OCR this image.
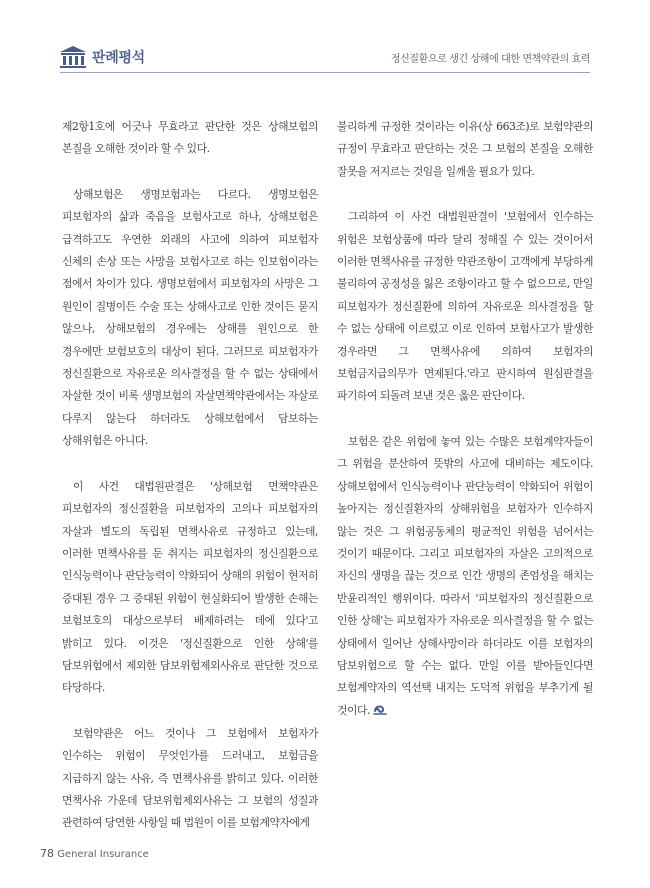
판례평석	정신질환으로 생긴 상해에 대한 면책약관의 효력

제2항1호에 어긋나 무효라고 판단한 것은 상해보험의 본질을 오해한 것이라 할 수 있다.

상해보험은 생명보험과는 다르다. 생명보험은 피보험자의 삶과 죽음을 보험사고로 하나, 상해보험은 급격하고도 우연한 외래의 사고에 의하여 피보험자 신체의 손상 또는 사망을 보험사고로 하는 인보험이라는 점에서 차이가 있다. 생명보험에서 피보험자의 사망은 그 원인이 질병이든 수술 또는 상해사고로 인한 것이든 묻지 않으나, 상해보험의 경우에는 상해를 원인으로 한 경우에만 보험보호의 대상이 된다. 그러므로 피보험자가 정신질환으로 자유로운 의사결정을 할 수 없는 상태에서 자살한 것이 비록 생명보험의 자살면책약관에서는 자살로 다루지 않는다 하더라도 상해보험에서 담보하는 상해위험은 아니다.

이 사건 대법원판결은 '상해보험 면책약관은 피보험자의 정신질환을 피보험자의 고의나 피보험자의 자살과 별도의 독립된 면책사유로 규정하고 있는데, 이러한 면책사유를 둔 취지는 피보험자의 정신질환으로 인식능력이나 판단능력이 약화되어 상해의 위험이 현저히 증대된 경우 그 증대된 위험이 현실화되어 발생한 손해는 보험보호의 대상으로부터 배제하려는 데에 있다'고 밝히고 있다. 이것은 '정신질환으로 인한 상해'를 담보위험에서 제외한 담보위험제외사유로 판단한 것으로 타당하다.

보험약관은 어느 것이나 그 보험에서 보험자가 인수하는 위험이 무엇인가를 드러내고, 보험금을 지급하지 않는 사유, 즉 면책사유를 밝히고 있다. 이러한 면책사유 가운데 담보위험제외사유는 그 보험의 성질과 관련하여 당연한 사항일 때 법원이 이를 보험계약자에게

불리하게 규정한 것이라는 이유(상 663조)로 보험약관의 규정이 무효라고 판단하는 것은 그 보험의 본질을 오해한 잘못을 저지르는 것임을 일깨울 필요가 있다.

그리하여 이 사건 대법원판결이 '보험에서 인수하는 위험은 보험상품에 따라 달리 정해질 수 있는 것이어서 이러한 면책사유를 규정한 약관조항이 고객에게 부당하게 불리하여 공정성을 잃은 조항이라고 할 수 없으므로, 만일 피보험자가 정신질환에 의하여 자유로운 의사결정을 할 수 없는 상태에 이르렀고 이로 인하여 보험사고가 발생한 경우라면 그 면책사유에 의하여 보험자의 보험금지급의무가 면제된다.'라고 판시하여 원심판결을 파기하여 되돌려 보낸 것은 옳은 판단이다.

보험은 같은 위험에 놓여 있는 수많은 보험계약자들이 그 위험을 분산하여 뜻밖의 사고에 대비하는 제도이다. 상해보험에서 인식능력이나 판단능력이 약화되어 위험이 높아지는 정신질환자의 상해위험을 보험자가 인수하지 않는 것은 그 위험공동체의 평균적인 위험을 넘어서는 것이기 때문이다. 그리고 피보험자의 자살은 고의적으로 자신의 생명을 끊는 것으로 인간 생명의 존엄성을 해치는 반윤리적인 행위이다. 따라서 '피보험자의 정신질환으로 인한 상해'는 피보험자가 자유로운 의사결정을 할 수 없는 상태에서 일어난 상해사망이라 하더라도 이를 보험자의 담보위험으로 할 수는 없다. 만일 이를 받아들인다면 보험계약자의 역선택 내지는 도덕적 위험을 부추기게 될 것이다.

78 General Insurance
